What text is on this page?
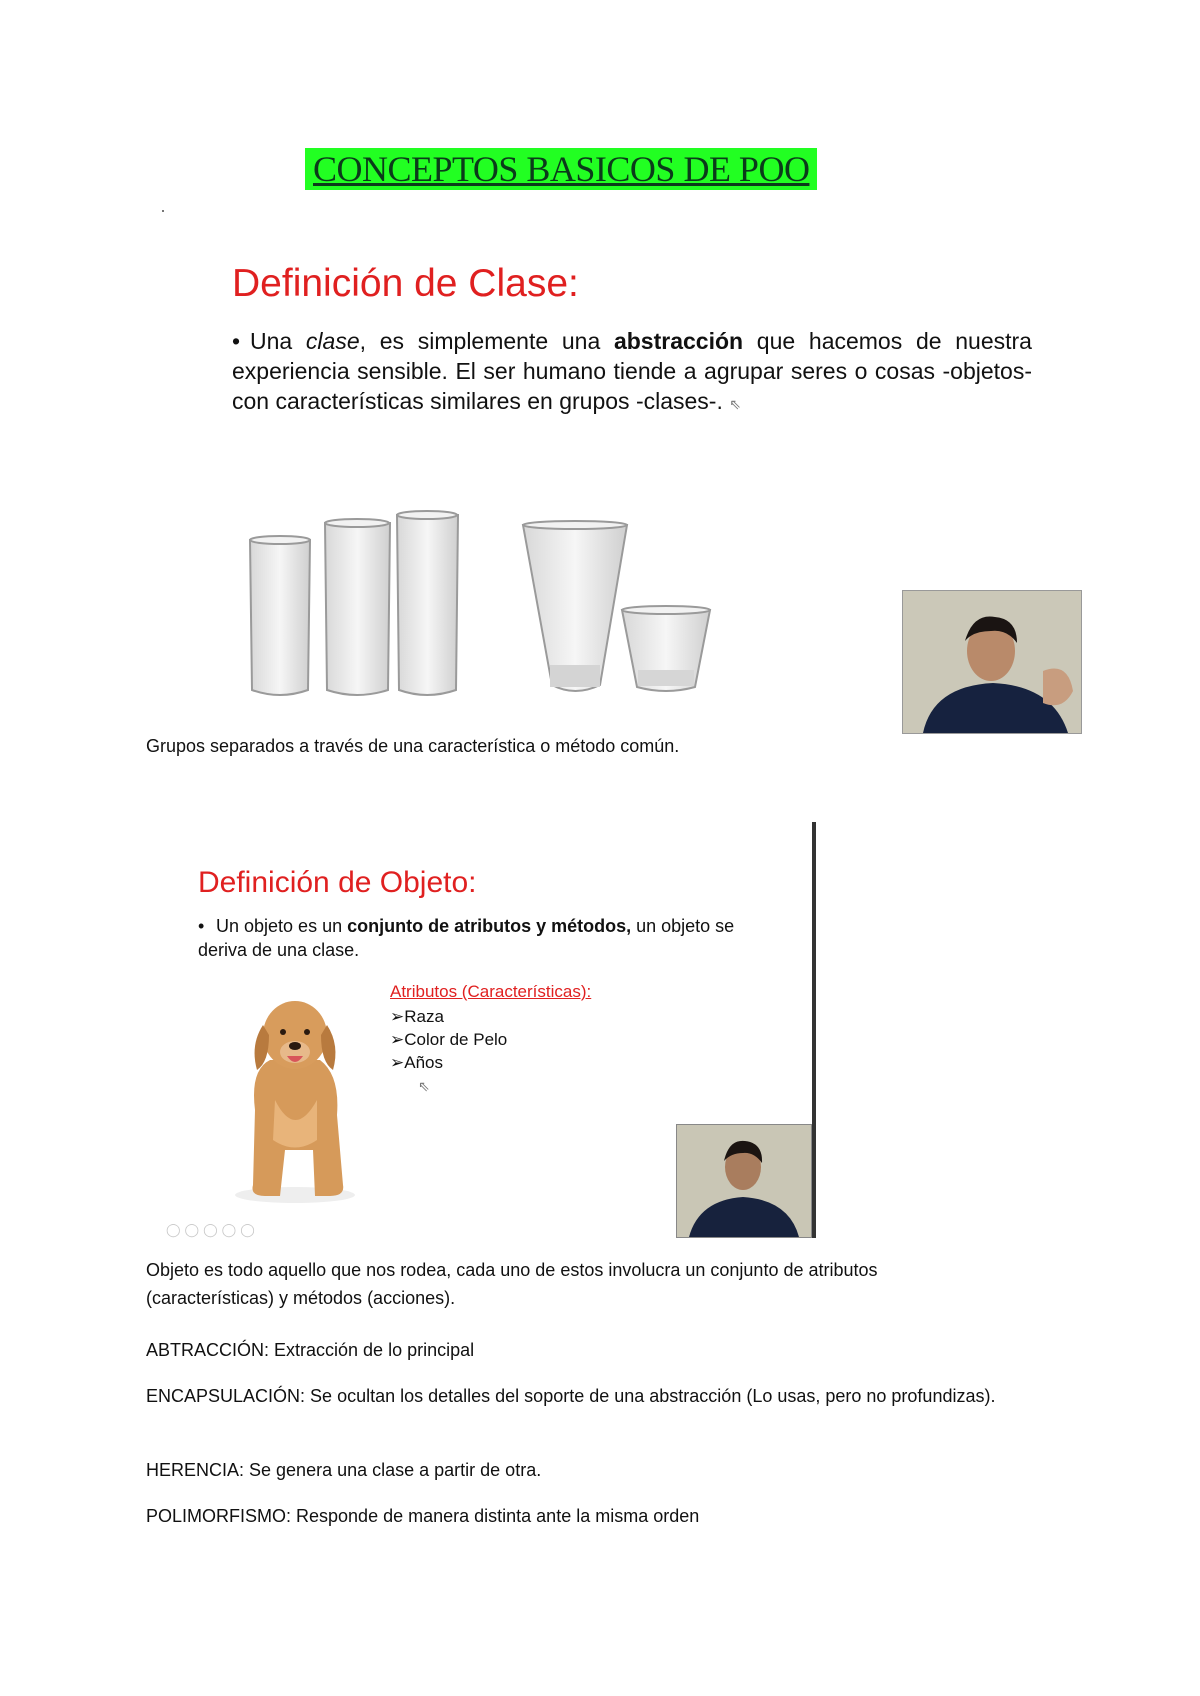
CONCEPTOS BASICOS DE POO
Definición de Clase:
• Una clase, es simplemente una abstracción que hacemos de nuestra experiencia sensible. El ser humano tiende a agrupar seres o cosas -objetos- con características similares en grupos -clases-. ⇖
Grupos separados a través de una característica o método común.
Definición de Objeto:
• Un objeto es un conjunto de atributos y métodos, un objeto se deriva de una clase.
Atributos (Características):
➢Raza
➢Color de Pelo
➢Años
⇖
◯◯◯◯◯
Objeto es todo aquello que nos rodea, cada uno de estos involucra un conjunto de atributos (características) y métodos (acciones).
ABTRACCIÓN: Extracción de lo principal
ENCAPSULACIÓN: Se ocultan los detalles del soporte de una abstracción (Lo usas, pero no profundizas).
HERENCIA: Se genera una clase a partir de otra.
POLIMORFISMO: Responde de manera distinta ante la misma orden
